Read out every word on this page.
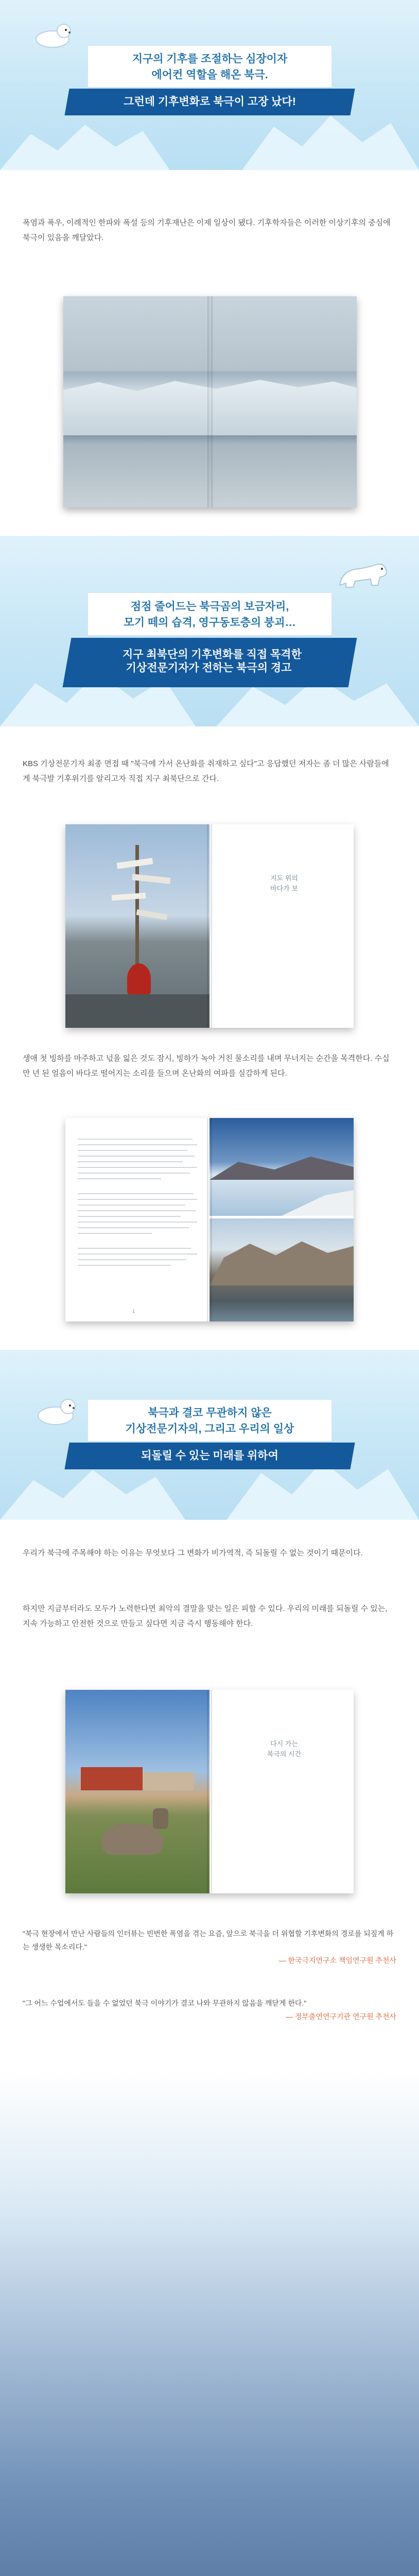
지구의 기후를 조절하는 심장이자
에어컨 역할을 해온 북극.
그런데 기후변화로 북극이 고장 났다!

폭염과 폭우, 이례적인 한파와 폭설 등의 기후재난은 이제 일상이 됐다. 기후학자들은 이러한 이상기후의 중심에 북극이 있음을 깨달았다.

점점 줄어드는 북극곰의 보금자리,
모기 떼의 습격, 영구동토층의 붕괴…
지구 최북단의 기후변화를 직접 목격한
기상전문기자가 전하는 북극의 경고

KBS 기상전문기자 최종 면접 때 "북극에 가서 온난화를 취재하고 싶다"고 응답했던 저자는 좀 더 많은 사람들에게 북극발 기후위기를 알리고자 직접 지구 최북단으로 간다.

지도 위의
바다가 보

생애 첫 빙하를 마주하고 넋을 잃은 것도 잠시, 빙하가 녹아 거친 물소리를 내며 무너지는 순간을 목격한다. 수십만 년 된 얼음이 바다로 떨어지는 소리를 들으며 온난화의 여파를 실감하게 된다.

1
북극과 결코 무관하지 않은
기상전문기자의, 그리고 우리의 일상
되돌릴 수 있는 미래를 위하여

우리가 북극에 주목해야 하는 이유는 무엇보다 그 변화가 비가역적, 즉 되돌릴 수 없는 것이기 때문이다.

하지만 지금부터라도 모두가 노력한다면 최악의 결말을 맞는 일은 피할 수 있다. 우리의 미래를 되돌릴 수 있는, 지속 가능하고 안전한 것으로 만들고 싶다면 지금 즉시 행동해야 한다.

다시 가는
북극의 시간
"북극 현장에서 만난 사람들의 인터뷰는 빈번한 폭염을 겪는 요즘, 앞으로 북극을 더 위협할 기후변화의 경로를 되짚게 하는 생생한 목소리다."

— 한국극지연구소 책임연구원 추천사
"그 어느 수업에서도 들을 수 없었던 북극 이야기가 결코 나와 무관하지 않음을 깨닫게 한다."

— 정부출연연구기관 연구원 추천사
